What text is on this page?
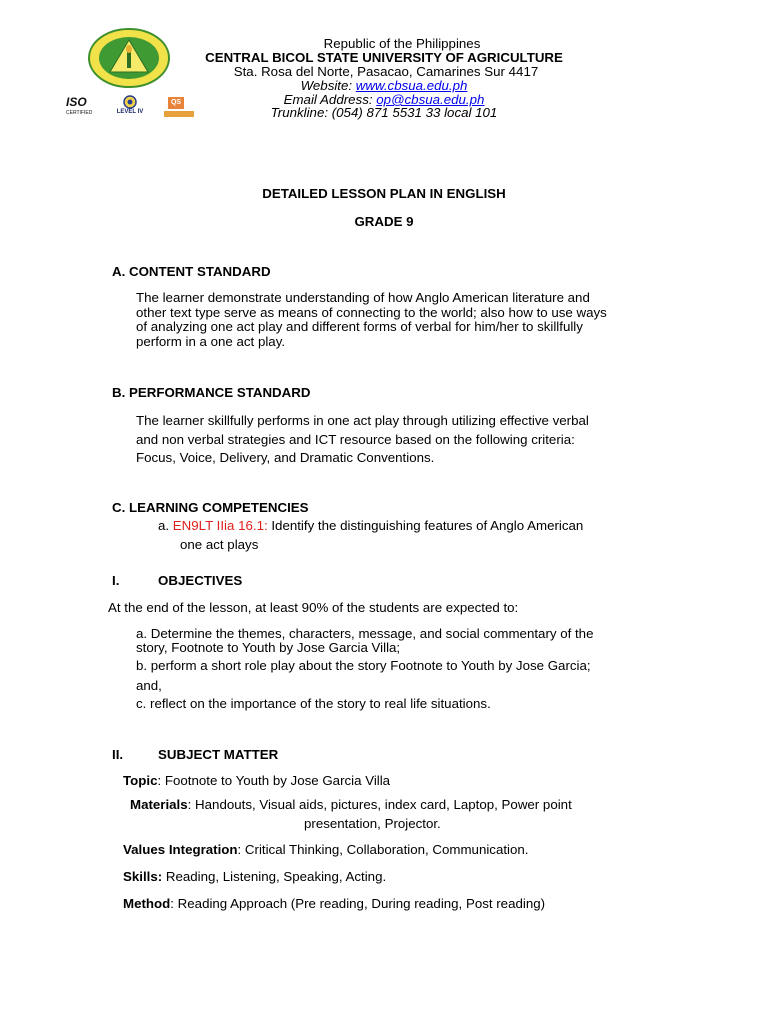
ISO
CERTIFIED	LEVEL IV
QS
Republic of the Philippines
CENTRAL BICOL STATE UNIVERSITY OF AGRICULTURE
Sta. Rosa del Norte, Pasacao, Camarines Sur 4417
Website: www.cbsua.edu.ph
Email Address: op@cbsua.edu.ph
Trunkline: (054) 871 5531 33 local 101
DETAILED LESSON PLAN IN ENGLISH
GRADE 9
A. CONTENT STANDARD
The learner demonstrate understanding of how Anglo American literature and
other text type serve as means of connecting to the world; also how to use ways
of analyzing one act play and different forms of verbal for him/her to skillfully
perform in a one act play.
B. PERFORMANCE STANDARD
The learner skillfully performs in one act play through utilizing effective verbal
and non verbal strategies and ICT resource based on the following criteria:
Focus, Voice, Delivery, and Dramatic Conventions.
C. LEARNING COMPETENCIES
a. EN9LT IIia 16.1: Identify the distinguishing features of Anglo American
one act plays
I.	OBJECTIVES
At the end of the lesson, at least 90% of the students are expected to:
a. Determine the themes, characters, message, and social commentary of the
story, Footnote to Youth by Jose Garcia Villa;
b. perform a short role play about the story Footnote to Youth by Jose Garcia;
and,
c. reflect on the importance of the story to real life situations.
II.	SUBJECT MATTER
Topic: Footnote to Youth by Jose Garcia Villa
Materials: Handouts, Visual aids, pictures, index card, Laptop, Power point
presentation, Projector.
Values Integration: Critical Thinking, Collaboration, Communication.
Skills: Reading, Listening, Speaking, Acting.
Method: Reading Approach (Pre reading, During reading, Post reading)
